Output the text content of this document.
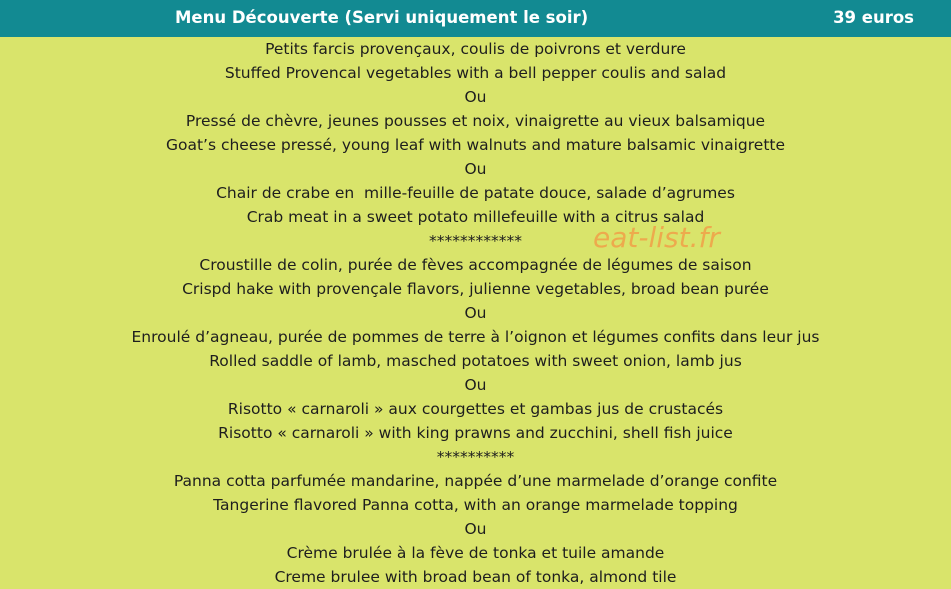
Menu Découverte (Servi uniquement le soir)	39 euros
Petits farcis provençaux, coulis de poivrons et verdure
Stuffed Provencal vegetables with a bell pepper coulis and salad
Ou
Pressé de chèvre, jeunes pousses et noix, vinaigrette au vieux balsamique
Goat’s cheese pressé, young leaf with walnuts and mature balsamic vinaigrette
Ou
Chair de crabe en  mille-feuille de patate douce, salade d’agrumes
Crab meat in a sweet potato millefeuille with a citrus salad
************
Croustille de colin, purée de fèves accompagnée de légumes de saison
Crispd hake with provençale flavors, julienne vegetables, broad bean purée
Ou
Enroulé d’agneau, purée de pommes de terre à l’oignon et légumes confits dans leur jus
Rolled saddle of lamb, masched potatoes with sweet onion, lamb jus
Ou
Risotto « carnaroli » aux courgettes et gambas jus de crustacés
Risotto « carnaroli » with king prawns and zucchini, shell fish juice
**********
Panna cotta parfumée mandarine, nappée d’une marmelade d’orange confite
Tangerine flavored Panna cotta, with an orange marmelade topping
Ou
Crème brulée à la fève de tonka et tuile amande
Creme brulee with broad bean of tonka, almond tile
eat-list.fr
